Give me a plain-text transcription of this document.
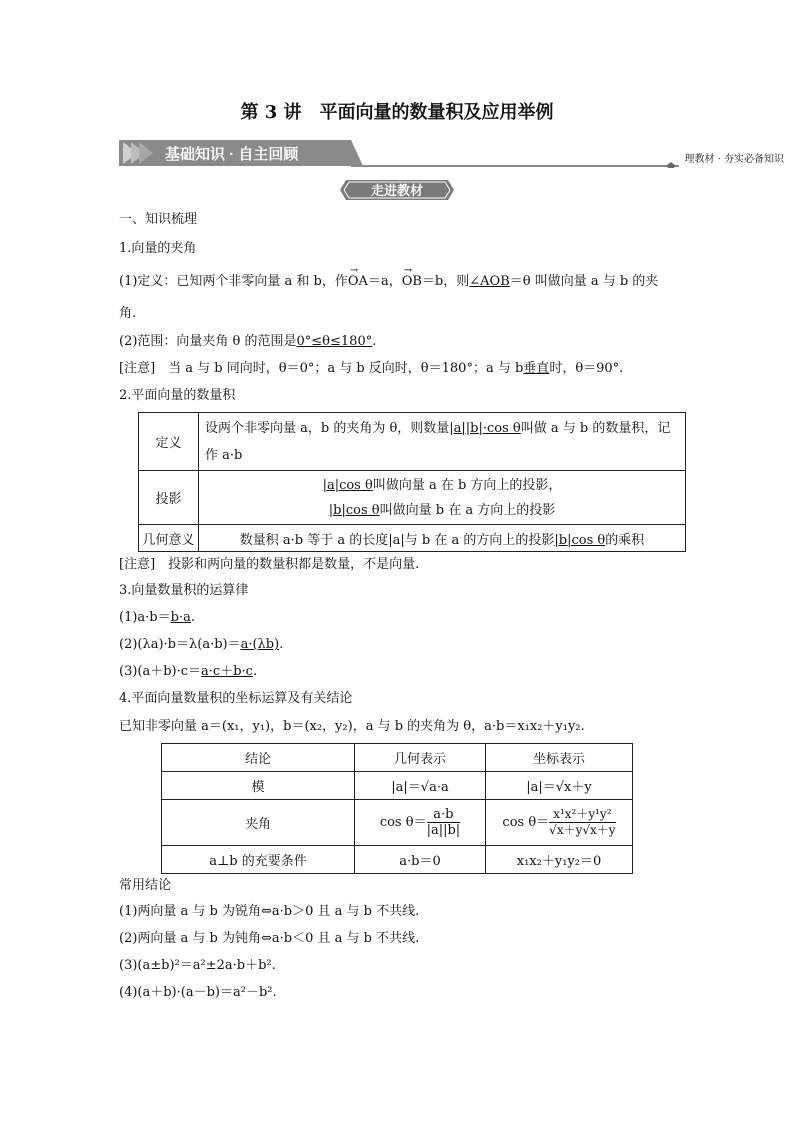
第 3 讲　平面向量的数量积及应用举例
基础知识 · 自主回顾	理教材 · 夯实必备知识
走进教材
一、知识梳理
1.向量的夹角
(1)定义：已知两个非零向量 a 和 b，作→ OA＝a，→ OB＝b，则∠AOB＝θ 叫做向量 a 与 b 的夹
角.
(2)范围：向量夹角 θ 的范围是0°≤θ≤180°.
[注意]　当 a 与 b 同向时，θ＝0°；a 与 b 反向时，θ＝180°；a 与 b垂直时，θ＝90°.
2.平面向量的数量积
定义	设两个非零向量 a，b 的夹角为 θ，则数量|a||b|·cos θ叫做 a 与 b 的数量积，记
作 a·b
投影	|a|cos θ叫做向量 a 在 b 方向上的投影，
|b|cos θ叫做向量 b 在 a 方向上的投影
几何意义	数量积 a·b 等于 a 的长度|a|与 b 在 a 的方向上的投影|b|cos θ的乘积
[注意]　投影和两向量的数量积都是数量，不是向量.
3.向量数量积的运算律
(1)a·b＝b·a.
(2)(λa)·b＝λ(a·b)＝a·(λb).
(3)(a＋b)·c＝a·c＋b·c.
4.平面向量数量积的坐标运算及有关结论
已知非零向量 a＝(x₁，y₁)，b＝(x₂，y₂)，a 与 b 的夹角为 θ，a·b＝x₁x₂＋y₁y₂.
结论	几何表示	坐标表示
模	|a|＝√a·a	|a|＝√x＋y
夹角	$\cos \theta= \frac{a\cdot b}{|a||b|}$	$\cos \theta= \frac{\text{x¹x²＋y¹y²}}{√x+y√x+y}$

a⊥b 的充要条件	a·b＝0	x₁x₂＋y₁y₂＝0
常用结论
(1)两向量 a 与 b 为锐角⇔a·b＞0 且 a 与 b 不共线.
(2)两向量 a 与 b 为钝角⇔a·b＜0 且 a 与 b 不共线.
(3)(a±b)²＝a²±2a·b＋b².
(4)(a＋b)·(a－b)＝a²－b².
